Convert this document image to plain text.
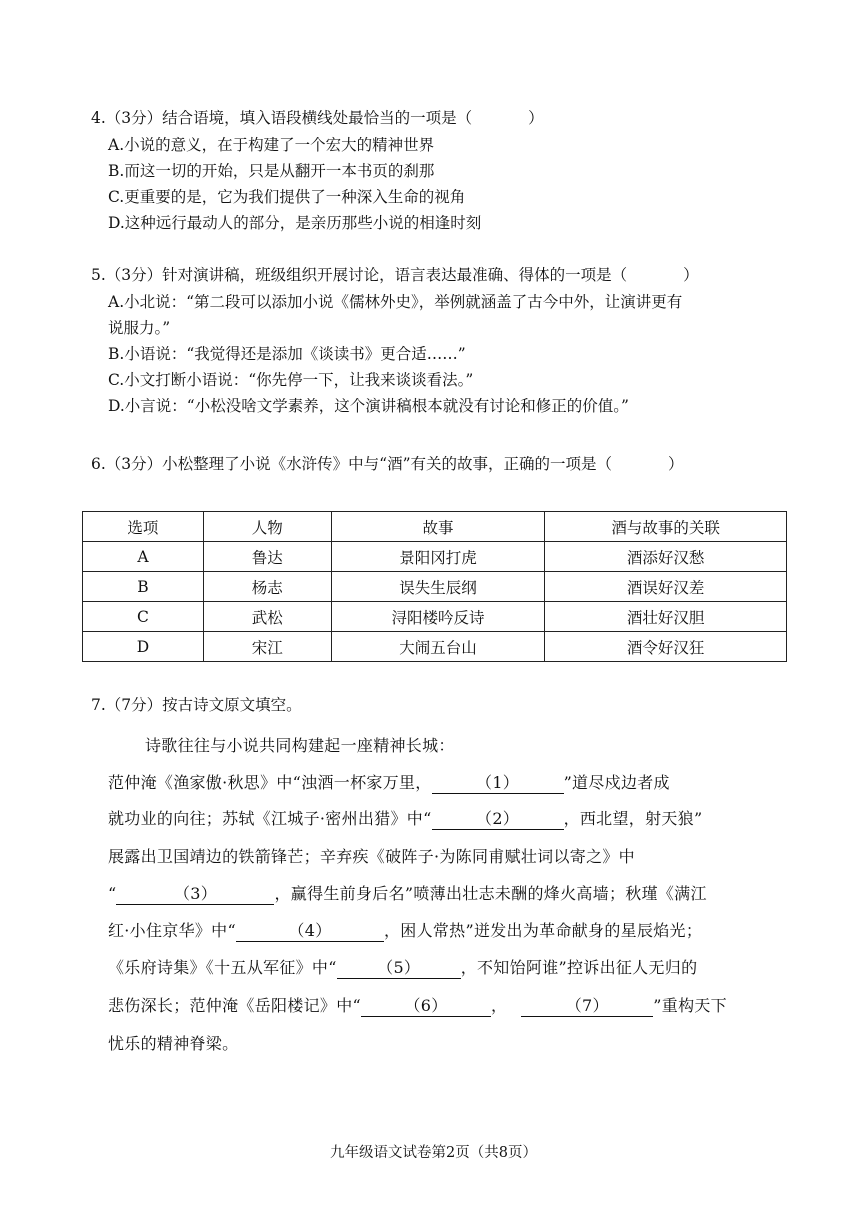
4.（3分）结合语境，填入语段横线处最恰当的一项是（	）
A.小说的意义，在于构建了一个宏大的精神世界
B.而这一切的开始，只是从翻开一本书页的刹那
C.更重要的是，它为我们提供了一种深入生命的视角
D.这种远行最动人的部分，是亲历那些小说的相逢时刻
5.（3分）针对演讲稿，班级组织开展讨论，语言表达最准确、得体的一项是（	）
A.小北说：“第二段可以添加小说《儒林外史》，举例就涵盖了古今中外，让演讲更有
说服力。”
B.小语说：“我觉得还是添加《谈读书》更合适……”
C.小文打断小语说：“你先停一下，让我来谈谈看法。”
D.小言说：“小松没啥文学素养，这个演讲稿根本就没有讨论和修正的价值。”
6.（3分）小松整理了小说《水浒传》中与“酒”有关的故事，正确的一项是（	）
选项	人物	故事	酒与故事的关联
A	鲁达	景阳冈打虎	酒添好汉愁
B	杨志	误失生辰纲	酒误好汉差
C	武松	浔阳楼吟反诗	酒壮好汉胆
D	宋江	大闹五台山	酒令好汉狂
7.（7分）按古诗文原文填空。
诗歌往往与小说共同构建起一座精神长城：
范仲淹《渔家傲·秋思》中“浊酒一杯家万里，	（1）	”道尽戍边者成
就功业的向往；苏轼《江城子·密州出猎》中“	（2）	，西北望，射天狼”
展露出卫国靖边的铁箭锋芒；辛弃疾《破阵子·为陈同甫赋壮词以寄之》中
“	（3）	，赢得生前身后名”喷薄出壮志未酬的烽火高墙；秋瑾《满江
红·小住京华》中“	（4）	，困人常热”迸发出为革命献身的星辰焰光；
《乐府诗集》《十五从军征》中“	（5）	，不知饴阿谁”控诉出征人无归的
悲伤深长；范仲淹《岳阳楼记》中“	（6）	，	（7）	”重构天下
忧乐的精神脊梁。
九年级语文试卷第2页（共8页）
